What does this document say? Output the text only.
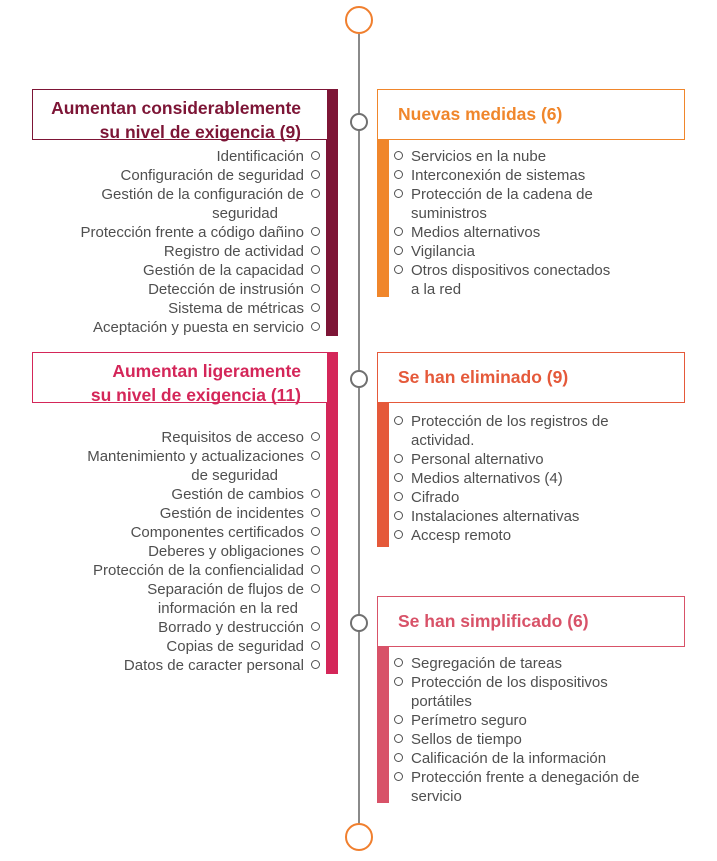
Aumentan considerablemente
su nivel de exigencia (9)
Identificación
Configuración de seguridad
Gestión de la configuración de
seguridad
Protección frente a código dañino
Registro de actividad
Gestión de la capacidad
Detección de instrusión
Sistema de métricas
Aceptación y puesta en servicio
Aumentan ligeramente
su nivel de exigencia (11)
Requisitos de acceso
Mantenimiento y actualizaciones
de seguridad
Gestión de cambios
Gestión de incidentes
Componentes certificados
Deberes y obligaciones
Protección de la confiencialidad
Separación de flujos de
información en la red
Borrado y destrucción
Copias de seguridad
Datos de caracter personal
Nuevas medidas (6)
Servicios en la nube
Interconexión de sistemas
Protección de la cadena de
suministros
Medios alternativos
Vigilancia
Otros dispositivos conectados
a la red
Se han eliminado (9)
Protección de los registros de
actividad.
Personal alternativo
Medios alternativos (4)
Cifrado
Instalaciones alternativas
Accesp remoto
Se han simplificado (6)
Segregación de tareas
Protección de los dispositivos
portátiles
Perímetro seguro
Sellos de tiempo
Calificación de la información
Protección frente a denegación de
servicio
